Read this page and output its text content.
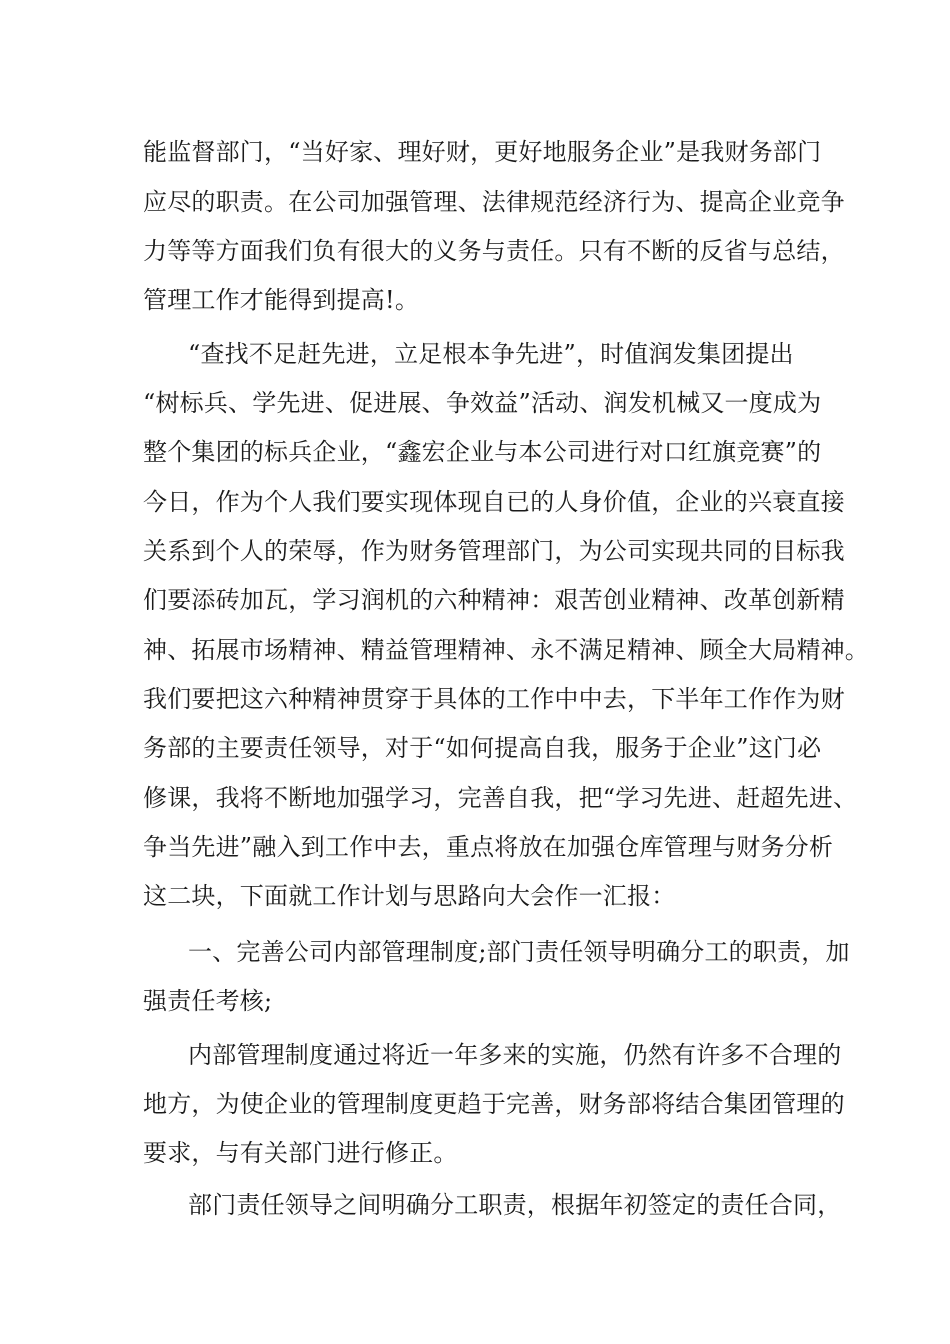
能监督部门，“当好家、理好财，更好地服务企业”是我财务部门
应尽的职责。在公司加强管理、法律规范经济行为、提高企业竞争
力等等方面我们负有很大的义务与责任。只有不断的反省与总结，
管理工作才能得到提高!。
“查找不足赶先进，立足根本争先进”，时值润发集团提出
“树标兵、学先进、促进展、争效益”活动、润发机械又一度成为
整个集团的标兵企业，“鑫宏企业与本公司进行对口红旗竞赛”的
今日，作为个人我们要实现体现自已的人身价值，企业的兴衰直接
关系到个人的荣辱，作为财务管理部门，为公司实现共同的目标我
们要添砖加瓦，学习润机的六种精神：艰苦创业精神、改革创新精
神、拓展市场精神、精益管理精神、永不满足精神、顾全大局精神。
我们要把这六种精神贯穿于具体的工作中中去，下半年工作作为财
务部的主要责任领导，对于“如何提高自我，服务于企业”这门必
修课，我将不断地加强学习，完善自我，把“学习先进、赶超先进、
争当先进”融入到工作中去，重点将放在加强仓库管理与财务分析
这二块，下面就工作计划与思路向大会作一汇报：
一、完善公司内部管理制度;部门责任领导明确分工的职责，加
强责任考核;
内部管理制度通过将近一年多来的实施，仍然有许多不合理的
地方，为使企业的管理制度更趋于完善，财务部将结合集团管理的
要求，与有关部门进行修正。
部门责任领导之间明确分工职责，根据年初签定的责任合同，
